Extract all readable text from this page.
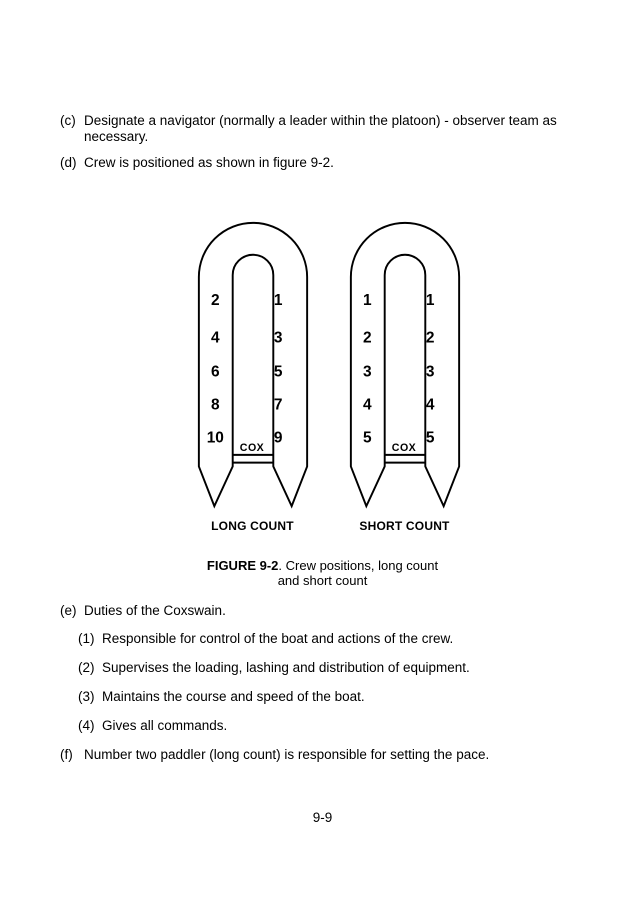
(c) Designate a navigator (normally a leader within the platoon) - observer team as necessary.
(d) Crew is positioned as shown in figure 9-2.
2
4
6
8
10
1
3
5
7
9
COX
LONG COUNT
1
2
3
4
5
1
2
3
4
5
COX
SHORT COUNT
FIGURE 9-2. Crew positions, long count
and short count
(e) Duties of the Coxswain.
(1) Responsible for control of the boat and actions of the crew.
(2) Supervises the loading, lashing and distribution of equipment.
(3) Maintains the course and speed of the boat.
(4) Gives all commands.
(f) Number two paddler (long count) is responsible for setting the pace.
9-9
